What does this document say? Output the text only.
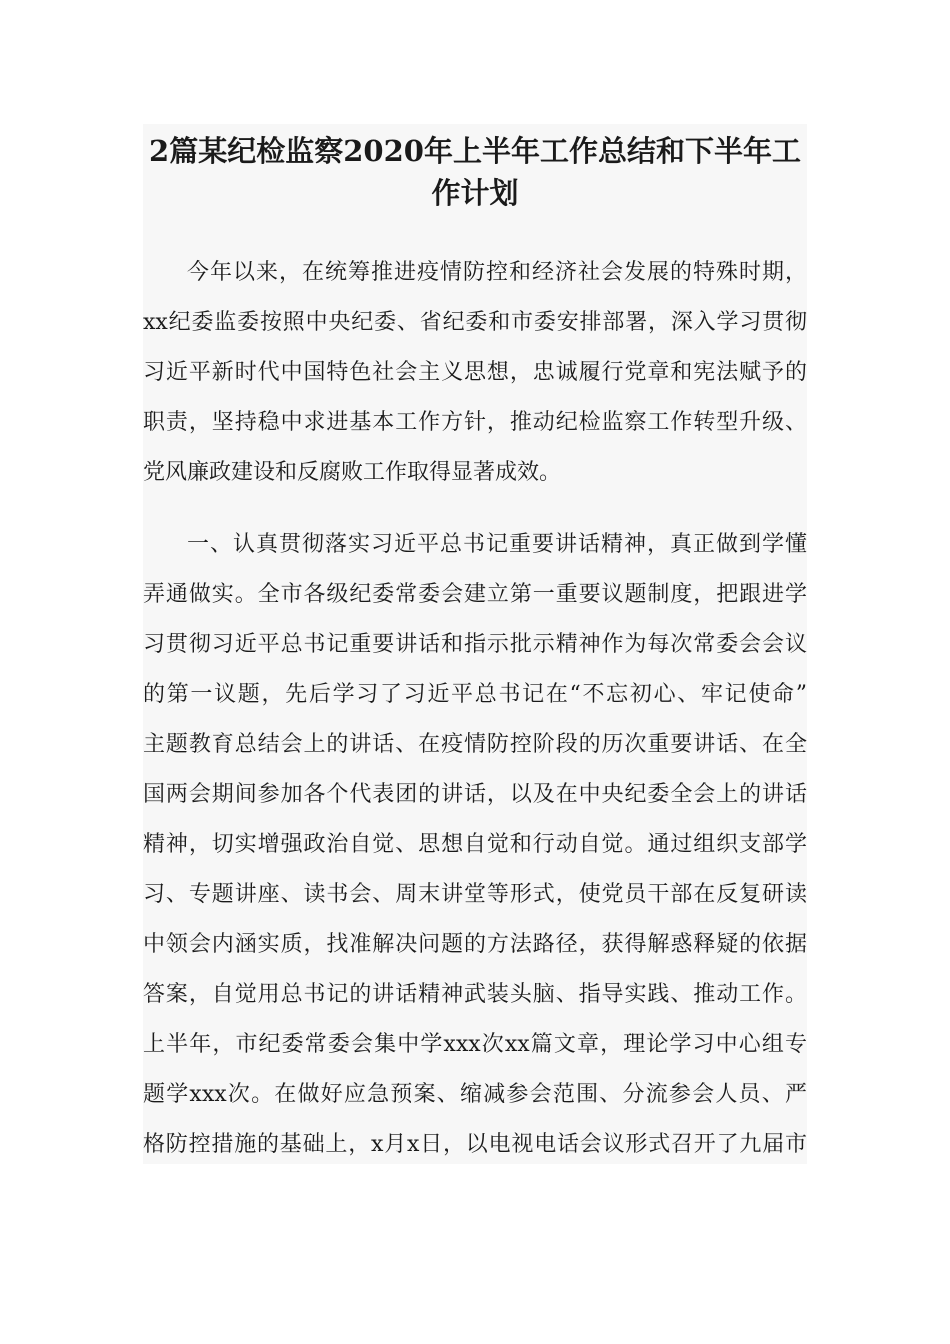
2篇某纪检监察2020年上半年工作总结和下半年工
作计划
今年以来，在统筹推进疫情防控和经济社会发展的特殊时期，
xx纪委监委按照中央纪委、省纪委和市委安排部署，深入学习贯彻
习近平新时代中国特色社会主义思想，忠诚履行党章和宪法赋予的
职责，坚持稳中求进基本工作方针，推动纪检监察工作转型升级、
党风廉政建设和反腐败工作取得显著成效。
一、认真贯彻落实习近平总书记重要讲话精神，真正做到学懂
弄通做实。全市各级纪委常委会建立第一重要议题制度，把跟进学
习贯彻习近平总书记重要讲话和指示批示精神作为每次常委会会议
的第一议题，先后学习了习近平总书记在“不忘初心、牢记使命”
主题教育总结会上的讲话、在疫情防控阶段的历次重要讲话、在全
国两会期间参加各个代表团的讲话，以及在中央纪委全会上的讲话
精神，切实增强政治自觉、思想自觉和行动自觉。通过组织支部学
习、专题讲座、读书会、周末讲堂等形式，使党员干部在反复研读
中领会内涵实质，找准解决问题的方法路径，获得解惑释疑的依据
答案，自觉用总书记的讲话精神武装头脑、指导实践、推动工作。
上半年，市纪委常委会集中学xxx次xx篇文章，理论学习中心组专
题学xxx次。在做好应急预案、缩减参会范围、分流参会人员、严
格防控措施的基础上，x月x日，以电视电话会议形式召开了九届市
